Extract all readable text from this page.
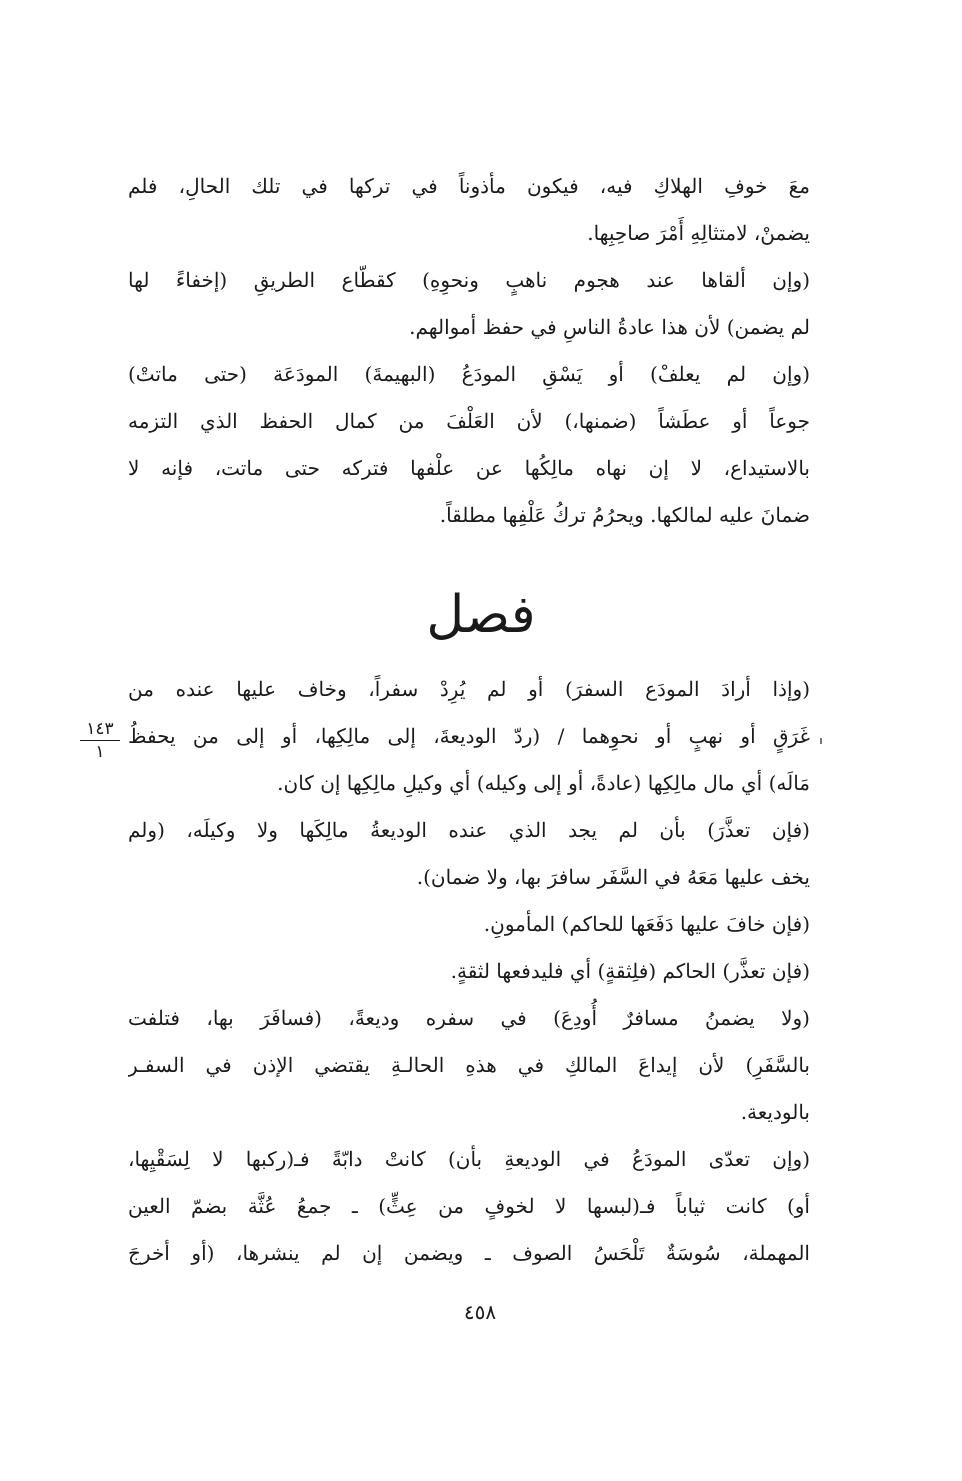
معَ خوفِ الهلاكِ فيه، فيكون مأذوناً في تركها في تلك الحالِ، فلم
يضمنْ، لامتثالِهِ أَمْرَ صاحِبِها.
(وإن ألقاها عند هجوم ناهبٍ ونحوِهِ) كقطّاع الطريقِ (إخفاءً لها
لم يضمن) لأن هذا عادةُ الناسِ في حفظ أموالهم.
(وإن لم يعلفْ) أو يَسْقِ المودَعُ (البهيمةَ) المودَعَة (حتى ماتتْ)
جوعاً أو عطَشاً (ضمنها،) لأن العَلْفَ من كمال الحفظ الذي التزمه
بالاستيداع، لا إن نهاه مالِكُها عن علْفها فتركه حتى ماتت، فإنه لا
ضمانَ عليه لمالكها. ويحرُمُ تركُ عَلْفِها مطلقاً.
فصل
١٤٣
١
(وإذا أرادَ المودَع السفرَ) أو لم يُرِدْ سفراً، وخاف عليها عنده من
غَرَقٍ أو نهبٍ أو نحوِهما / (ردّ الوديعةَ، إلى مالِكِها، أو إلى من يحفظُ
مَالَه) أي مال مالِكِها (عادةً، أو إلى وكيله) أي وكيلِ مالِكِها إن كان.
(فإن تعذَّرَ) بأن لم يجد الذي عنده الوديعةُ مالِكَها ولا وكيلَه، (ولم
يخف عليها مَعَهُ في السَّفَر سافرَ بها، ولا ضمان).
(فإن خافَ عليها دَفَعَها للحاكم) المأمونِ.
(فإن تعذَّر) الحاكم (فلِثقةٍ) أي فليدفعها لثقةٍ.
(ولا يضمنُ مسافرٌ أُودِعَ) في سفره وديعةً، (فسافَرَ بها، فتلفت
بالسَّفَرِ) لأن إيداعَ المالكِ في هذهِ الحالـةِ يقتضي الإذن في السفـر
بالوديعة.
(وإن تعدّى المودَعُ في الوديعةِ بأن) كانتْ دابّةً فـ(ركبها لا لِسَقْيِها،
أو) كانت ثياباً فـ(لبسها لا لخوفٍ من عِثٍّ) ـ جمعُ عُثَّة بضمّ العين
المهملة، سُوسَةٌ تَلْحَسُ الصوف ـ ويضمن إن لم ينشرها، (أو أخرجَ
٤٥٨
